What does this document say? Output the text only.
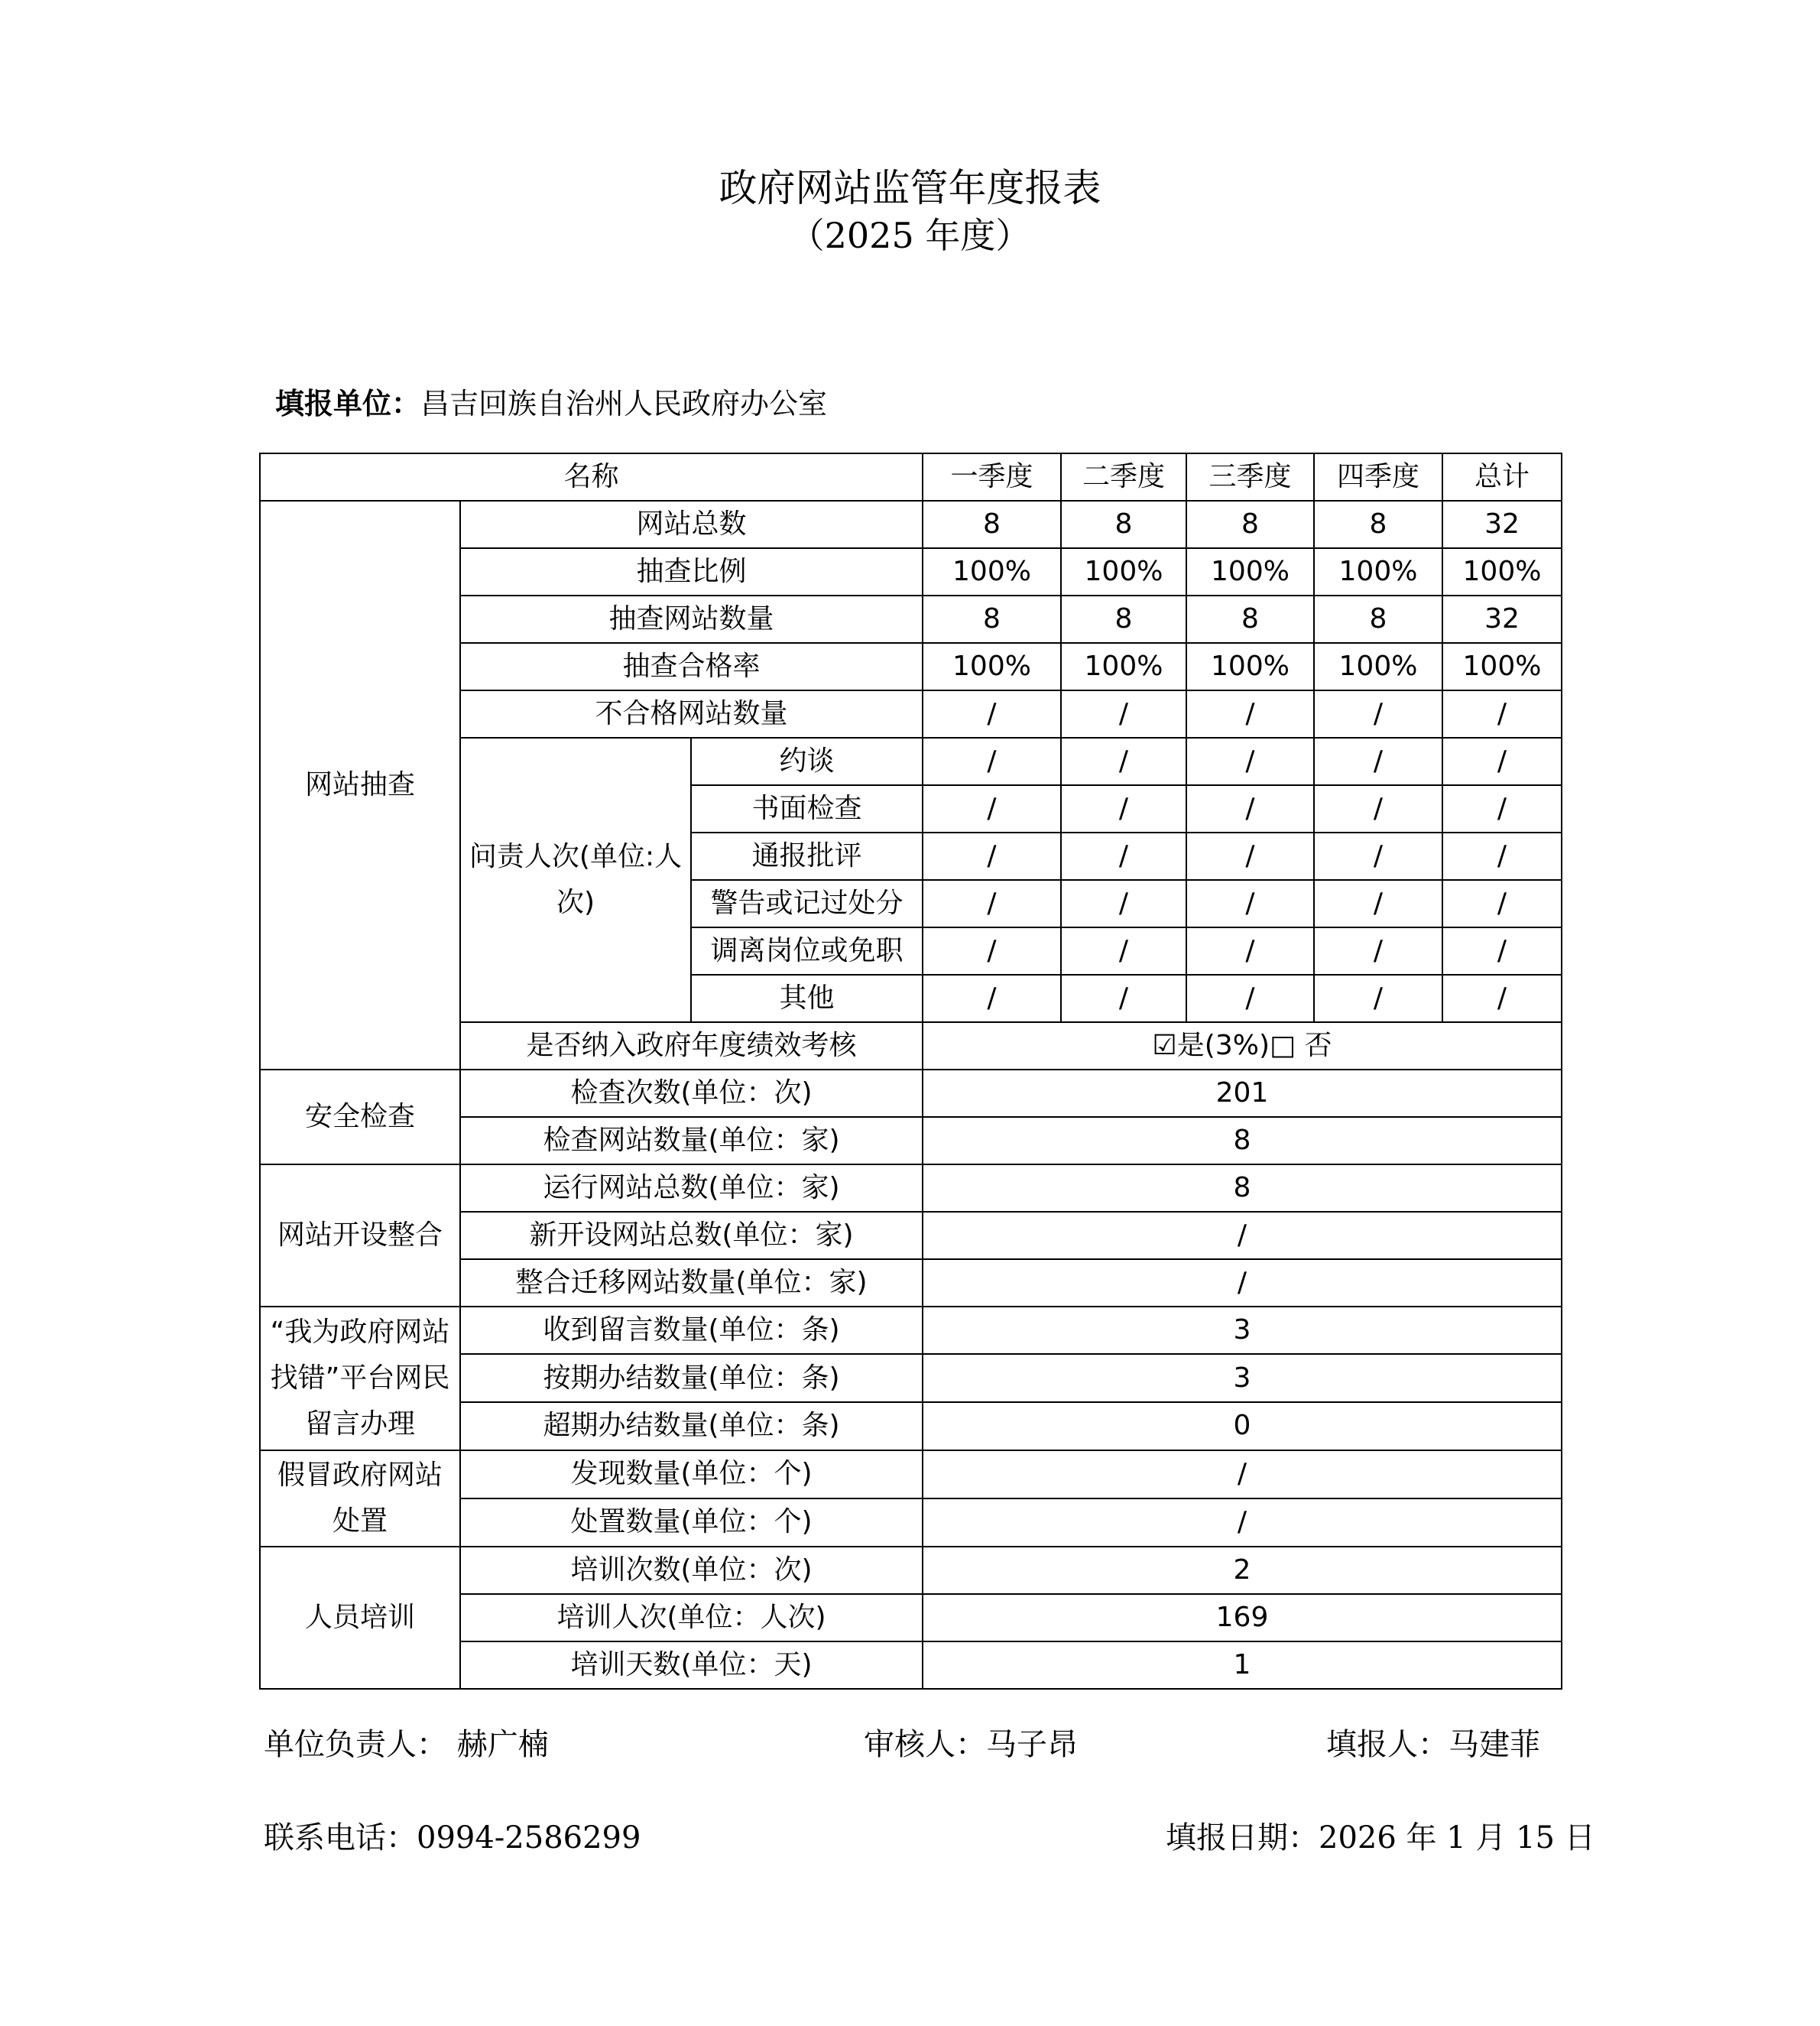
政府网站监管年度报表
（2025 年度）
填报单位：昌吉回族自治州人民政府办公室
名称			一季度	二季度	三季度	四季度	总计
网站抽查	网站总数		8	8	8	8	32
	抽查比例		100%	100%	100%	100%	100%
	抽查网站数量		8	8	8	8	32
	抽查合格率		100%	100%	100%	100%	100%
	不合格网站数量		/	/	/	/	/
	问责人次(单位:人次)	约谈	/	/	/	/	/
		书面检查	/	/	/	/	/
		通报批评	/	/	/	/	/
		警告或记过处分	/	/	/	/	/
		调离岗位或免职	/	/	/	/	/
		其他	/	/	/	/	/
	是否纳入政府年度绩效考核		☑是(3%)□ 否				
安全检查	检查次数(单位：次)		201				
	检查网站数量(单位：家)		8				
网站开设整合	运行网站总数(单位：家)		8				
	新开设网站总数(单位：家)		/				
	整合迁移网站数量(单位：家)		/				
“我为政府网站找错”平台网民留言办理	收到留言数量(单位：条)		3				
	按期办结数量(单位：条)		3				
	超期办结数量(单位：条)		0				
假冒政府网站处置	发现数量(单位：个)		/				
	处置数量(单位：个)		/				
人员培训	培训次数(单位：次)		2				
	培训人次(单位：人次)		169				
	培训天数(单位：天)		1				
单位负责人： 赫广楠	审核人：马子昂	填报人：马建菲
联系电话：0994-2586299	填报日期：2026 年 1 月 15 日
